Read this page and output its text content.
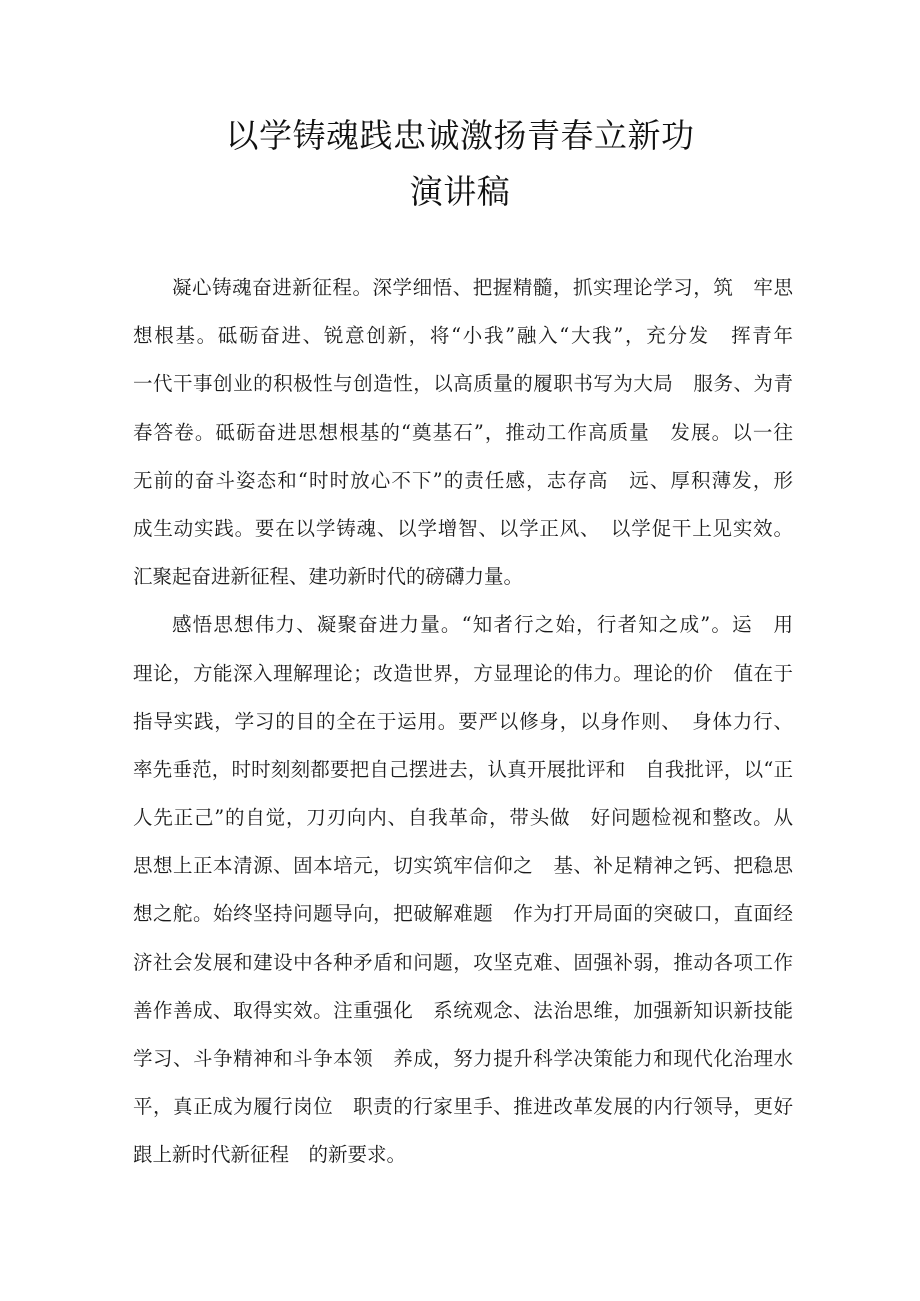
以学铸魂践忠诚激扬青春立新功
演讲稿
凝心铸魂奋进新征程。深学细悟、把握精髓，抓实理论学习，筑　牢思
想根基。砥砺奋进、锐意创新，将“小我”融入“大我”，充分发　挥青年
一代干事创业的积极性与创造性，以高质量的履职书写为大局　服务、为青
春答卷。砥砺奋进思想根基的“奠基石”，推动工作高质量　发展。以一往
无前的奋斗姿态和“时时放心不下”的责任感，志存高　远、厚积薄发，形
成生动实践。要在以学铸魂、以学增智、以学正风、　以学促干上见实效。
汇聚起奋进新征程、建功新时代的磅礴力量。
感悟思想伟力、凝聚奋进力量。“知者行之始，行者知之成”。运　用
理论，方能深入理解理论；改造世界，方显理论的伟力。理论的价　值在于
指导实践，学习的目的全在于运用。要严以修身，以身作则、　身体力行、
率先垂范，时时刻刻都要把自己摆进去，认真开展批评和　自我批评，以“正
人先正己”的自觉，刀刃向内、自我革命，带头做　好问题检视和整改。从
思想上正本清源、固本培元，切实筑牢信仰之　基、补足精神之钙、把稳思
想之舵。始终坚持问题导向，把破解难题　作为打开局面的突破口，直面经
济社会发展和建设中各种矛盾和问题，攻坚克难、固强补弱，推动各项工作
善作善成、取得实效。注重强化　系统观念、法治思维，加强新知识新技能
学习、斗争精神和斗争本领　养成，努力提升科学决策能力和现代化治理水
平，真正成为履行岗位　职责的行家里手、推进改革发展的内行领导，更好
跟上新时代新征程　的新要求。
